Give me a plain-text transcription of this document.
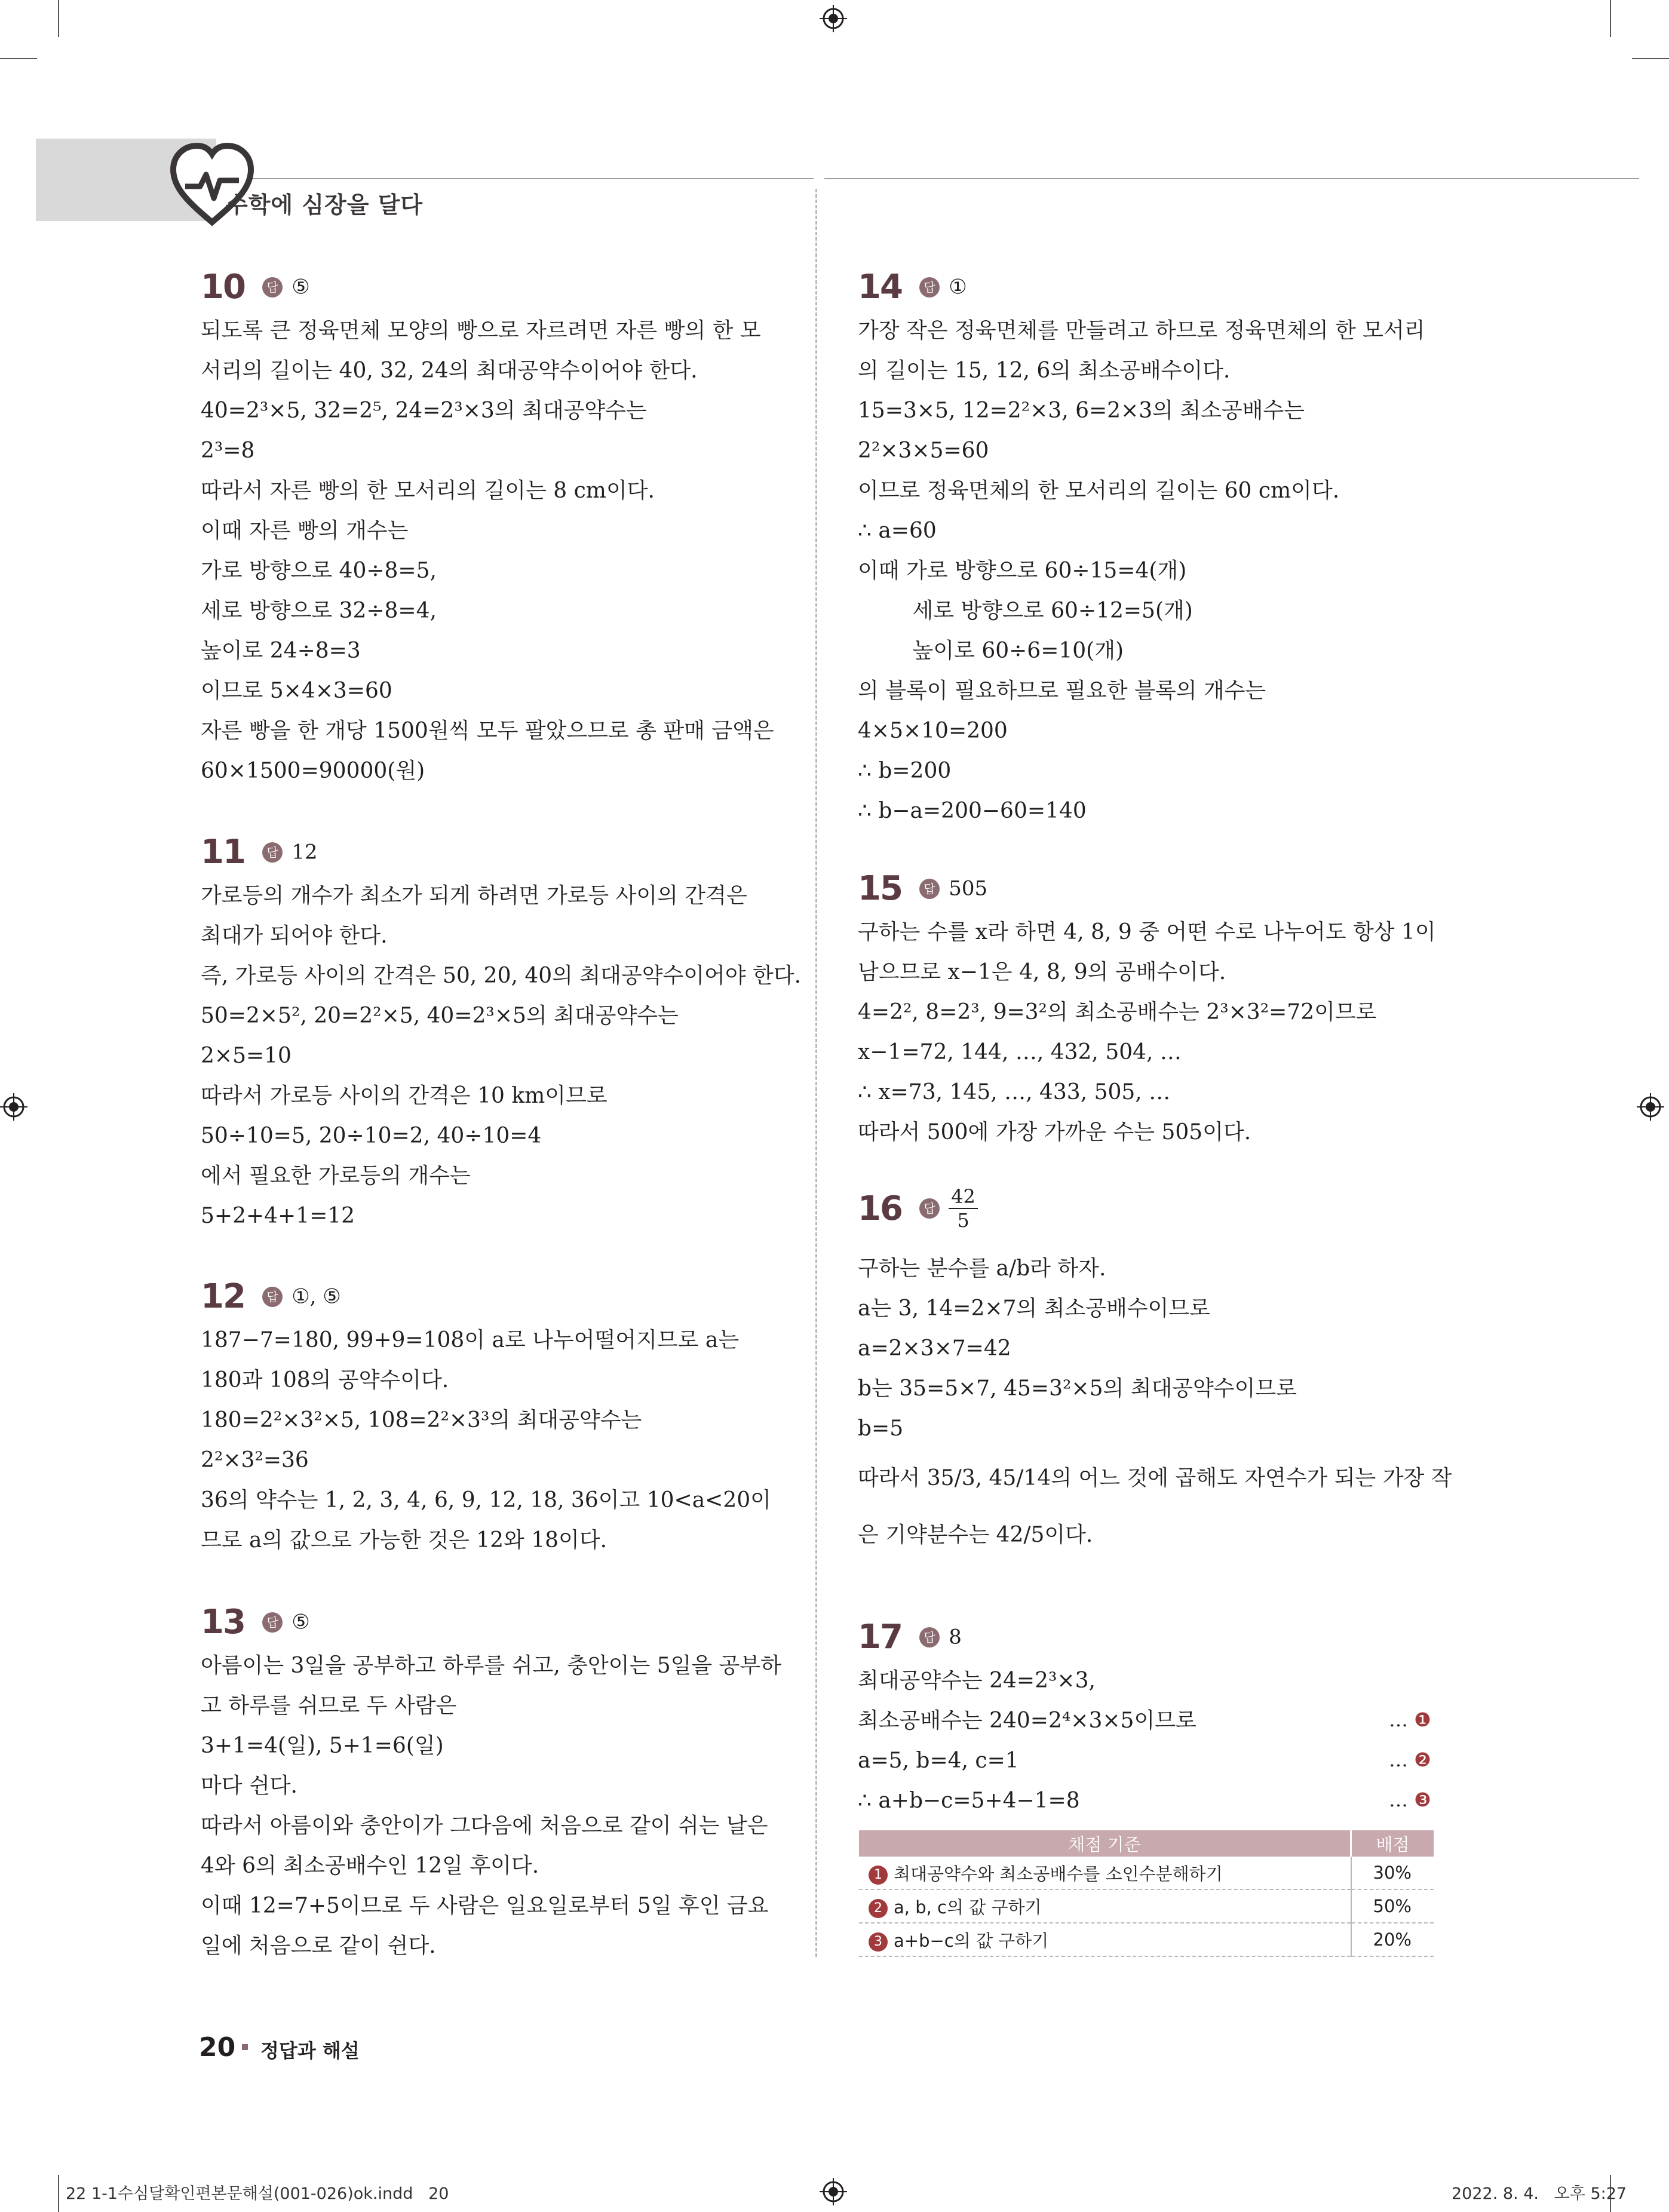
수학에 심장을 달다
10 답 ⑤
되도록 큰 정육면체 모양의 빵으로 자르려면 자른 빵의 한 모
서리의 길이는 40, 32, 24의 최대공약수이어야 한다.
40=2³×5, 32=2⁵, 24=2³×3의 최대공약수는
2³=8
따라서 자른 빵의 한 모서리의 길이는 8 cm이다.
이때 자른 빵의 개수는
가로 방향으로 40÷8=5,
세로 방향으로 32÷8=4,
높이로 24÷8=3
이므로 5×4×3=60
자른 빵을 한 개당 1500원씩 모두 팔았으므로 총 판매 금액은
60×1500=90000(원)
11 답 12
가로등의 개수가 최소가 되게 하려면 가로등 사이의 간격은
최대가 되어야 한다.
즉, 가로등 사이의 간격은 50, 20, 40의 최대공약수이어야 한다.
50=2×5², 20=2²×5, 40=2³×5의 최대공약수는
2×5=10
따라서 가로등 사이의 간격은 10 km이므로
50÷10=5, 20÷10=2, 40÷10=4
에서 필요한 가로등의 개수는
5+2+4+1=12
12 답 ①, ⑤
187−7=180, 99+9=108이 a로 나누어떨어지므로 a는
180과 108의 공약수이다.
180=2²×3²×5, 108=2²×3³의 최대공약수는
2²×3²=36
36의 약수는 1, 2, 3, 4, 6, 9, 12, 18, 36이고 10<a<20이
므로 a의 값으로 가능한 것은 12와 18이다.
13 답 ⑤
아름이는 3일을 공부하고 하루를 쉬고, 충안이는 5일을 공부하
고 하루를 쉬므로 두 사람은
3+1=4(일), 5+1=6(일)
마다 쉰다.
따라서 아름이와 충안이가 그다음에 처음으로 같이 쉬는 날은
4와 6의 최소공배수인 12일 후이다.
이때 12=7+5이므로 두 사람은 일요일로부터 5일 후인 금요
일에 처음으로 같이 쉰다.
14 답 ①
가장 작은 정육면체를 만들려고 하므로 정육면체의 한 모서리
의 길이는 15, 12, 6의 최소공배수이다.
15=3×5, 12=2²×3, 6=2×3의 최소공배수는
2²×3×5=60
이므로 정육면체의 한 모서리의 길이는 60 cm이다.
∴ a=60
이때 가로 방향으로 60÷15=4(개)
세로 방향으로 60÷12=5(개)
높이로 60÷6=10(개)
의 블록이 필요하므로 필요한 블록의 개수는
4×5×10=200
∴ b=200
∴ b−a=200−60=140
15 답 505
구하는 수를 x라 하면 4, 8, 9 중 어떤 수로 나누어도 항상 1이
남으므로 x−1은 4, 8, 9의 공배수이다.
4=2², 8=2³, 9=3²의 최소공배수는 2³×3²=72이므로
x−1=72, 144, …, 432, 504, …
∴ x=73, 145, …, 433, 505, …
따라서 500에 가장 가까운 수는 505이다.
16 답 $\frac{42}{5}$
구하는 분수를 a/b라 하자.
a는 3, 14=2×7의 최소공배수이므로
a=2×3×7=42
b는 35=5×7, 45=3²×5의 최대공약수이므로
b=5
따라서 35/3, 45/14의 어느 것에 곱해도 자연수가 되는 가장 작
은 기약분수는 42/5이다.
17 답 8
최대공약수는 24=2³×3,
최소공배수는 240=2⁴×3×5이므로
a=5, b=4, c=1
∴ a+b−c=5+4−1=8
… ❶
… ❷
… ❸
채점 기준	배점
1 최대공약수와 최소공배수를 소인수분해하기	30%
2 a, b, c의 값 구하기	50%
3 a+b−c의 값 구하기	20%
20 정답과 해설
22 1-1수심달확인편본문해설(001-026)ok.indd   20	2022. 8. 4.   오후 5:27
